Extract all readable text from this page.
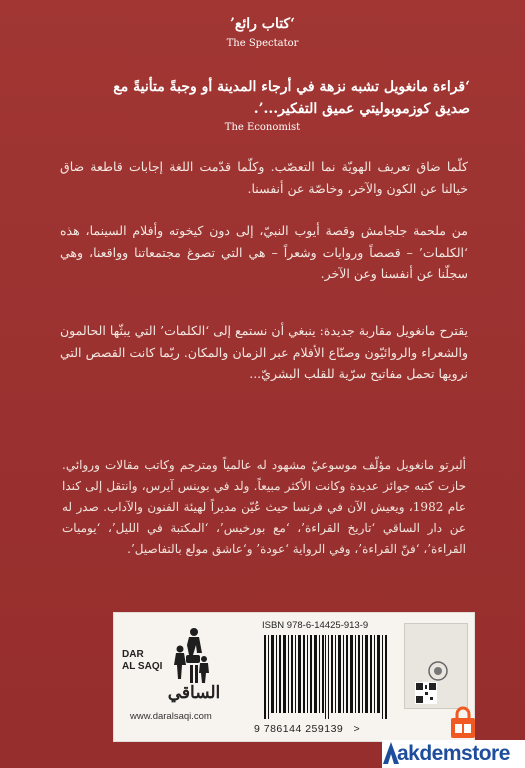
‘كتاب رائع’
The Spectator
‘قراءة مانغويل تشبه نزهة في أرجاء المدينة أو وجبةً متأنيةً مع
صديق كوزموبوليتي عميق التفكير...’.
The Economist
كلّما ضاق تعريف الهويّة نما التعصّب. وكلّما قدّمت اللغة إجابات قاطعة ضاق خيالنا عن الكون والآخر، وخاصّة عن أنفسنا.
من ملحمة جلجامش وقصة أيوب النبيّ، إلى دون كيخوته وأفلام السينما، هذه ‘الكلمات’ – قصصاً وروايات وشعراً – هي التي تصوغ مجتمعاتنا وواقعنا، وهي سجلّنا عن أنفسنا وعن الآخر.
يقترح مانغويل مقاربة جديدة: ينبغي أن نستمع إلى ‘الكلمات’ التي يبثّها الحالمون والشعراء والروائيّون وصنّاع الأفلام عبر الزمان والمكان. ربّما كانت القصص التي نرويها تحمل مفاتيح سرّية للقلب البشريّ...
ألبرتو مانغويل مؤلّف موسوعيّ مشهود له عالمياً ومترجم وكاتب مقالات وروائي. حازت كتبه جوائز عديدة وكانت الأكثر مبيعاً. ولد في بوينس آيرس، وانتقل إلى كندا عام 1982، ويعيش الآن في فرنسا حيث عُيّن مديراً لهيئة الفنون والآداب. صدر له عن دار الساقي ‘تاريخ القراءة’، ‘مع بورخيس’، ‘المكتبة في الليل’، ‘يوميات القراءة’، ‘فنّ القراءة’، وفي الرواية ‘عودة’ و‘عاشق مولع بالتفاصيل’.
DAR
AL SAQI
الساقي
www.daralsaqi.com
ISBN 978-6-14425-913-9
9 786144 259139 >
akdemstore
